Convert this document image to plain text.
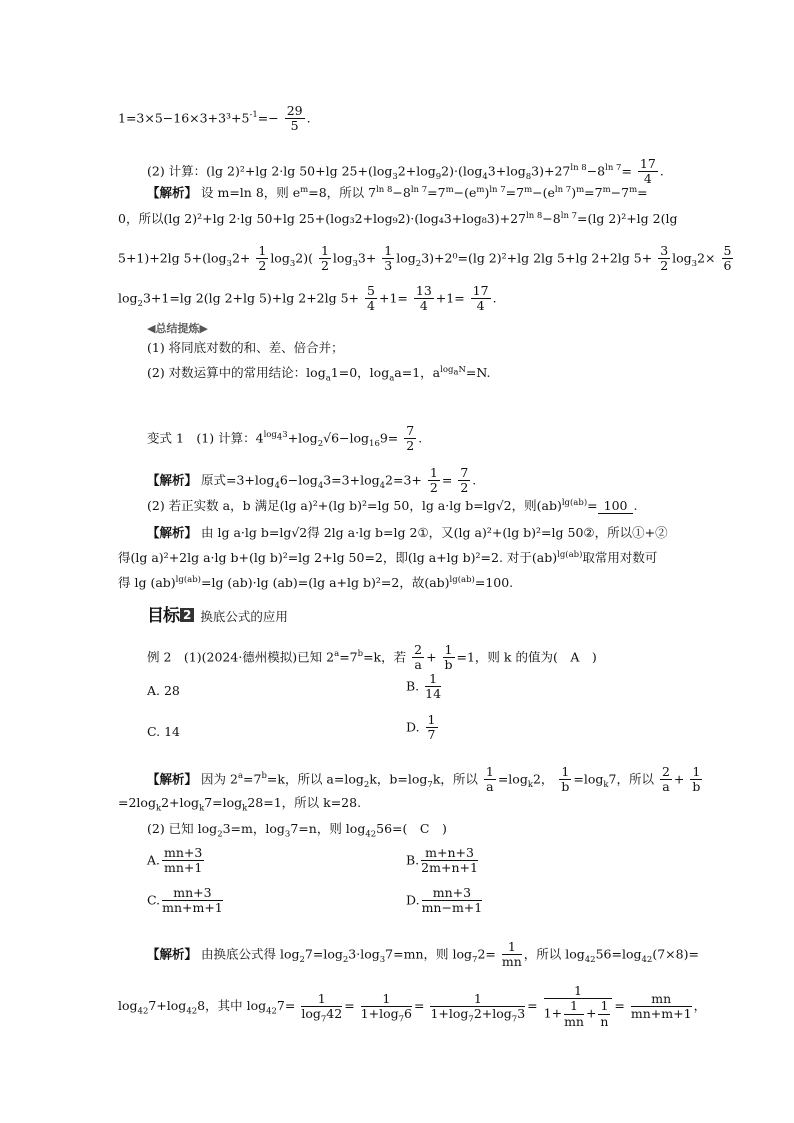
$1=3\times 5-16\times 3+3^3+5^{-1}=- \frac{29}{5}$ .
(2) 计算：(lg 2)²+lg 2·lg 50+lg $25+(\log_32+\log_92)\cdot(\log_43+\log_83)+27^{ln 8}-8^{ln 7}= \frac{17}{4}$ .
【解析】 设 m=ln 8，则 $e^m=8$，所以 $7^{ln 8}-8^{ln 7}=7^m-(e^m)^{ln 7}=7^m-(e^{ln 7})^m=7^m-7^m=$
0，所以(lg 2)²+lg 2·lg 50+lg $25+(\log_32+\log_92)\cdot(\log_43+\log_83)+27^{ln 8}-8^{ln 7}=(\lg$ 2)²+lg 2(lg
5+1)+2lg $5+(\log_32+ \frac{1}{2} \log_32)( \frac{1}{2} \log_33+ \frac{1}{3} \log_23)+2^0=(\lg$ 2)²+lg 2lg 5+lg 2+2lg $5+ \frac{3}{2} \log_32\times \frac{5}{6}$
$\log_23+1=\lg$ 2(lg 2+lg 5)+lg 2+2lg $5+ \frac{5}{4} +1= \frac{13}{4} +1= \frac{17}{4}$ .
◀总结提炼▶
(1) 将同底对数的和、差、倍合并；
(2) 对数运算中的常用结论：$\log_a1=0$，$\log_aa=1$，$a^{log_aN}=N$.
变式 1　(1) 计算：$4^{log_43}+\log_2√6-\log_{16}9= \frac{7}{2}$ .
【解析】 原式$=3+\log_46-\log_43=3+\log_42=3+ \frac{1}{2} = \frac{7}{2}$ .
(2) 若正实数 a，b 满足(lg a)²+(lg b)²=lg 50，lg a·lg b=lg√2，则(ab)$^{lg(ab)}$= 100 .
【解析】 由 lg a·lg b=lg√2得 2lg a·lg b=lg 2①，又(lg a)²+(lg b)²=lg 50②，所以①+②
得(lg a)²+2lg a·lg b+(lg b)²=lg 2+lg 50=2，即(lg a+lg b)²=2. 对于(ab)$^{lg(ab)}$取常用对数可
得 lg (ab)$^{lg(ab)}$=lg (ab)·lg (ab)=(lg a+lg b)²=2，故(ab)$^{lg(ab)}$=100.
目标 2 换底公式的应用
例 2　(1)(2024·德州模拟)已知 $2^a=7^b=k$，若 $\frac{2}{a} + \frac{1}{b} =1$，则 k 的值为(　A　)
A. 28	B. $\frac{1}{14}$
C. 14	D. $\frac{1}{7}$
【解析】 因为 $2^a=7^b=k$，所以 $a=\log_2k$，$b=\log_7k$，所以 $\frac{1}{a} =\log_k2$， $\frac{1}{b} =\log_k7$，所以 $\frac{2}{a} + \frac{1}{b}$
$=2\log_k2+\log_k7=\log_k28=1$，所以 k=28.
(2) 已知 $\log_23=m$，$\log_37=n$，则 $\log_{42}56=$(　C　)
A. $\frac{mn+3}{mn+1}$	B. $\frac{m+n+3}{2m+n+1}$
C. $\frac{mn+3}{mn+m+1}$	D. $\frac{mn+3}{mn-m+1}$
【解析】 由换底公式得 $\log_27=\log_23\cdot\log_37=mn$，则 $\log_72= \frac{1}{mn}$ ，所以 $\log_{42}56=\log_{42}(7\times 8)=$
$\log_{42}7+\log_{42}8$，其中 $\log_{42}7= \frac{1}{\log_742} = \frac{1}{1+\log_76} = \frac{1}{1+\log_72+\log_73} = \frac{1}{1+ \frac{1}{mn} + \frac{1}{n}} = \frac{mn}{mn+m+1}$ ，
